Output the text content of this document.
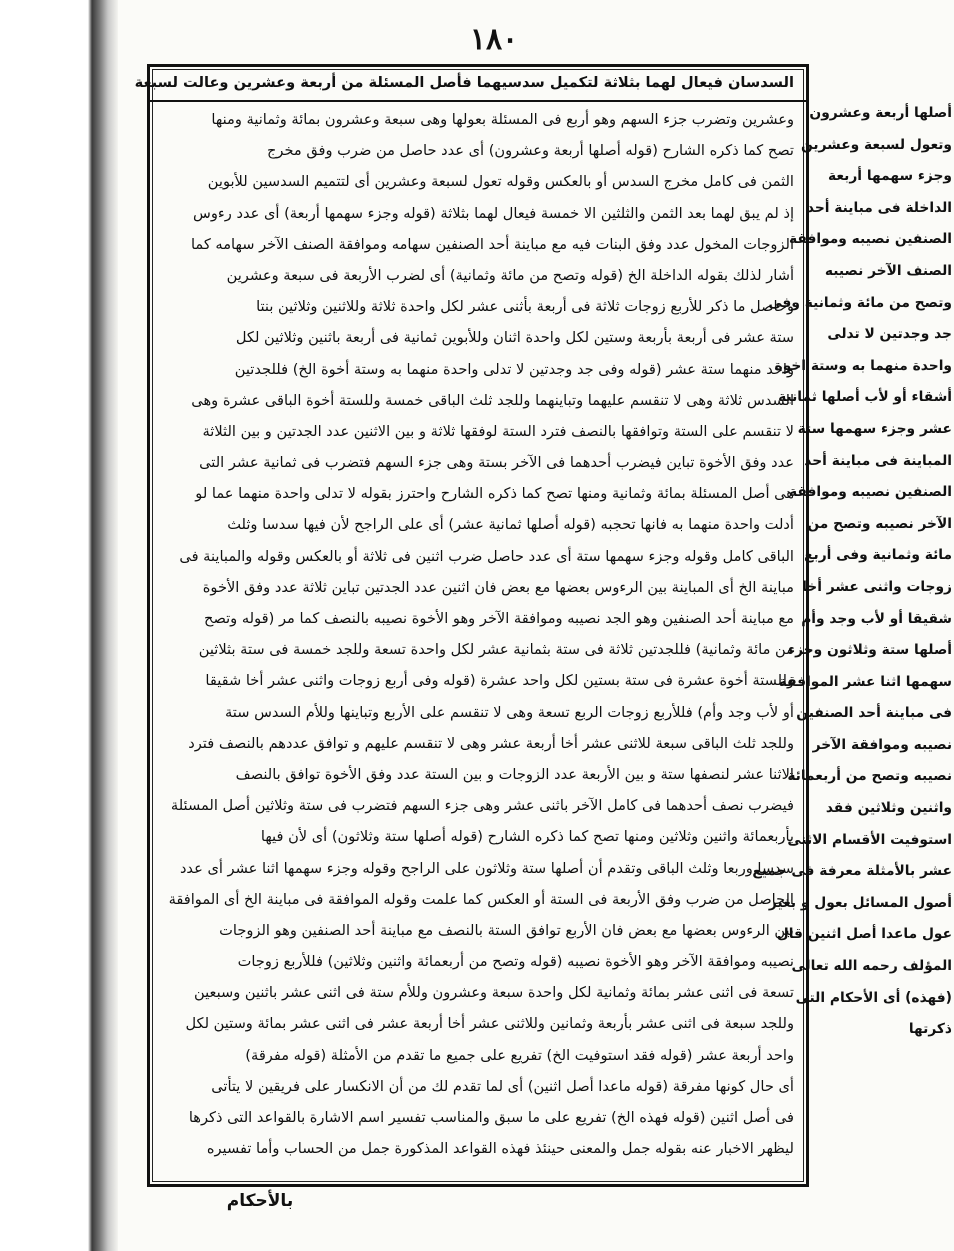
١٨٠
السدسان فيعال لهما بثلاثة لتكميل سدسيهما فأصل المسئلة من أربعة وعشرين وعالت لسبعة
وعشرين وتضرب جزء السهم وهو أربع فى المسئلة بعولها وهى سبعة وعشرون بمائة وثمانية ومنها
تصح كما ذكره الشارح (قوله أصلها أربعة وعشرون) أى عدد حاصل من ضرب وفق مخرج
الثمن فى كامل مخرج السدس أو بالعكس وقوله تعول لسبعة وعشرين أى لتتميم السدسين للأبوين
إذ لم يبق لهما بعد الثمن والثلثين الا خمسة فيعال لهما بثلاثة (قوله وجزء سهمها أربعة) أى عدد رءوس
الزوجات المخول عدد وفق البنات فيه مع مباينة أحد الصنفين سهامه وموافقة الصنف الآخر سهامه كما
أشار لذلك بقوله الداخلة الخ (قوله وتصح من مائة وثمانية) أى لضرب الأربعة فى سبعة وعشرين
وحاصل ما ذكر للأربع زوجات ثلاثة فى أربعة بأثنى عشر لكل واحدة ثلاثة وللاثنين وثلاثين بنتا
ستة عشر فى أربعة بأربعة وستين لكل واحدة اثنان وللأبوين ثمانية فى أربعة باثنين وثلاثين لكل
واحد منهما ستة عشر (قوله وفى جد وجدتين لا تدلى واحدة منهما به وستة أخوة الخ) فللجدتين
السدس ثلاثة وهى لا تنقسم عليهما وتباينهما وللجد ثلث الباقى خمسة وللستة أخوة الباقى عشرة وهى
لا تنقسم على الستة وتوافقها بالنصف فترد الستة لوفقها ثلاثة و بين الاثنين عدد الجدتين و بين الثلاثة
عدد وفق الأخوة تباين فيضرب أحدهما فى الآخر بستة وهى جزء السهم فتضرب فى ثمانية عشر التى
هى أصل المسئلة بمائة وثمانية ومنها تصح كما ذكره الشارح واحترز بقوله لا تدلى واحدة منهما عما لو
أدلت واحدة منهما به فانها تحجبه (قوله أصلها ثمانية عشر) أى على الراجح لأن فيها سدسا وثلث
الباقى كامل وقوله وجزء سهمها ستة أى عدد حاصل ضرب اثنين فى ثلاثة أو بالعكس وقوله والمباينة فى
مباينة الخ أى المباينة بين الرءوس بعضها مع بعض فان اثنين عدد الجدتين تباين ثلاثة عدد وفق الأخوة
مع مباينة أحد الصنفين وهو الجد نصيبه وموافقة الآخر وهو الأخوة نصيبه بالنصف كما مر (قوله وتصح
من مائة وثمانية) فللجدتين ثلاثة فى ستة بثمانية عشر لكل واحدة تسعة وللجد خمسة فى ستة بثلاثين
وللستة أخوة عشرة فى ستة بستين لكل واحد عشرة (قوله وفى أربع زوجات واثنى عشر أخا شقيقا
أو لأب وجد وأم) فللأربع زوجات الربع تسعة وهى لا تنقسم على الأربع وتباينها وللأم السدس ستة
وللجد ثلث الباقى سبعة للاثنى عشر أخا أربعة عشر وهى لا تنقسم عليهم و توافق عددهم بالنصف فترد
الاثنا عشر لنصفها ستة و بين الأربعة عدد الزوجات و بين الستة عدد وفق الأخوة توافق بالنصف
فيضرب نصف أحدهما فى كامل الآخر باثنى عشر وهى جزء السهم فتضرب فى ستة وثلاثين أصل المسئلة
بأربعمائة واثنين وثلاثين ومنها تصح كما ذكره الشارح (قوله أصلها ستة وثلاثون) أى لأن فيها
سدسا وربعا وثلث الباقى وتقدم أن أصلها ستة وثلاثون على الراجح وقوله وجزء سهمها اثنا عشر أى عدد
الحاصل من ضرب وفق الأربعة فى الستة أو العكس كما علمت وقوله الموافقة فى مباينة الخ أى الموافقة
بين الرءوس بعضها مع بعض فان الأربع توافق الستة بالنصف مع مباينة أحد الصنفين وهو الزوجات
نصيبه وموافقة الآخر وهو الأخوة نصيبه (قوله وتصح من أربعمائة واثنين وثلاثين) فللأربع زوجات
تسعة فى اثنى عشر بمائة وثمانية لكل واحدة سبعة وعشرون وللأم ستة فى اثنى عشر باثنين وسبعين
وللجد سبعة فى اثنى عشر بأربعة وثمانين وللاثنى عشر أخا أربعة عشر فى اثنى عشر بمائة وستين لكل
واحد أربعة عشر (قوله فقد استوفيت الخ) تفريع على جميع ما تقدم من الأمثلة (قوله مفرقة)
أى حال كونها مفرقة (قوله ماعدا أصل اثنين) أى لما تقدم لك من أن الانكسار على فريقين لا يتأتى
فى أصل اثنين (قوله فهذه الخ) تفريع على ما سبق والمناسب تفسير اسم الاشارة بالقواعد التى ذكرها
ليظهر الاخبار عنه بقوله جمل والمعنى حينئذ فهذه القواعد المذكورة جمل من الحساب وأما تفسيره
أصلها أربعة وعشرون
وتعول لسبعة وعشرين
وجزء سهمها أربعة
الداخلة فى مباينة أحد
الصنفين نصيبه وموافقة
الصنف الآخر نصيبه
وتصح من مائة وثمانية وفى
جد وجدتين لا تدلى
واحدة منهما به وستة اخوة
أشقاء أو لأب أصلها ثمانية
عشر وجزء سهمها ستة
المباينة فى مباينة أحد
الصنفين نصيبه وموافقة
الآخر نصيبه وتصح من
مائة وثمانية وفى أربع
زوجات واثنى عشر أخا
شقيقا أو لأب وجد وأم
أصلها ستة وثلاثون وجزء
سهمها اثنا عشر الموافقة
فى مباينة أحد الصنفين
نصيبه وموافقة الآخر
نصيبه وتصح من أربعمائة
واثنين وثلاثين فقد
استوفيت الأقسام الاثنى
عشر بالأمثلة معرفة فى جميع
أصول المسائل بعول و بغير
عول ماعدا أصل اثنين قال
المؤلف رحمه الله تعالى
(فهذه) أى الأحكام التى
ذكرتها
بالأحكام
